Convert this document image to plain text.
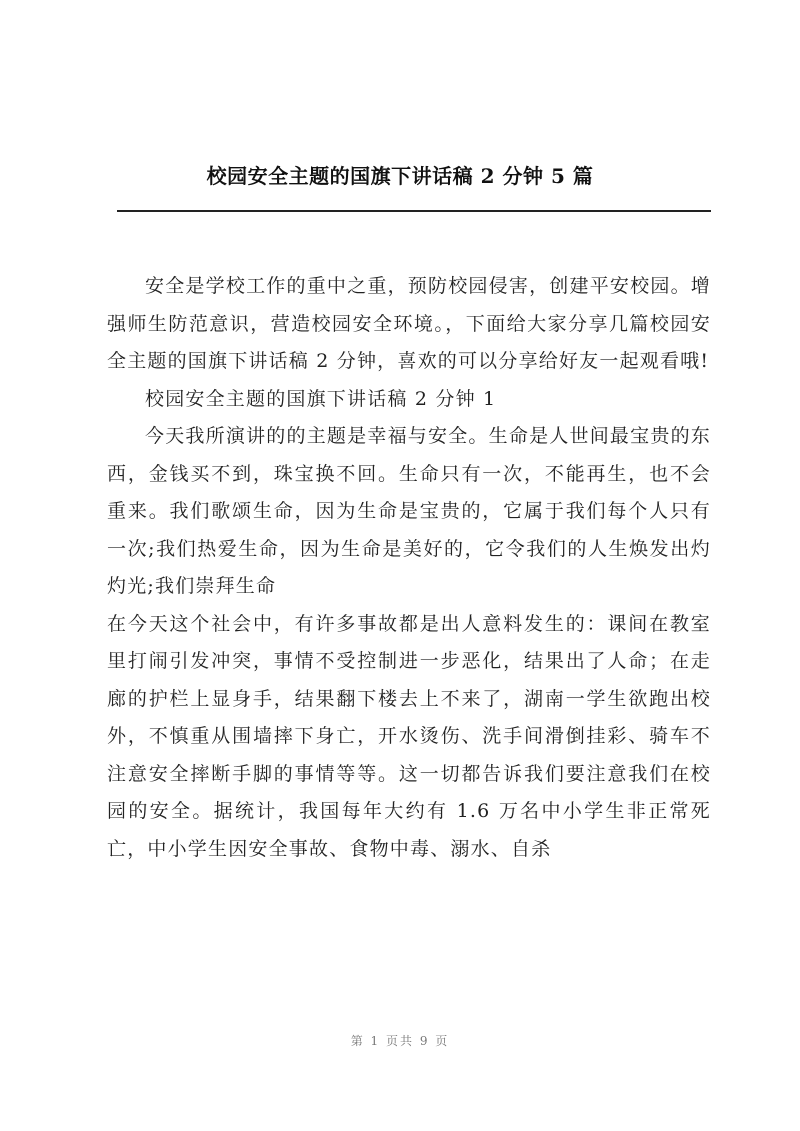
校园安全主题的国旗下讲话稿 2 分钟 5 篇

安全是学校工作的重中之重，预防校园侵害，创建平安校园。增强师生防范意识，营造校园安全环境。，下面给大家分享几篇校园安全主题的国旗下讲话稿 2 分钟，喜欢的可以分享给好友一起观看哦!

校园安全主题的国旗下讲话稿 2 分钟 1

今天我所演讲的的主题是幸福与安全。生命是人世间最宝贵的东西，金钱买不到，珠宝换不回。生命只有一次，不能再生，也不会重来。我们歌颂生命，因为生命是宝贵的，它属于我们每个人只有一次;我们热爱生命，因为生命是美好的，它令我们的人生焕发出灼灼光;我们崇拜生命

在今天这个社会中，有许多事故都是出人意料发生的：课间在教室里打闹引发冲突，事情不受控制进一步恶化，结果出了人命；在走廊的护栏上显身手，结果翻下楼去上不来了，湖南一学生欲跑出校外，不慎重从围墙摔下身亡，开水烫伤、洗手间滑倒挂彩、骑车不注意安全摔断手脚的事情等等。这一切都告诉我们要注意我们在校园的安全。据统计，我国每年大约有 1.6 万名中小学生非正常死亡，中小学生因安全事故、食物中毒、溺水、自杀

第 1 页共 9 页
